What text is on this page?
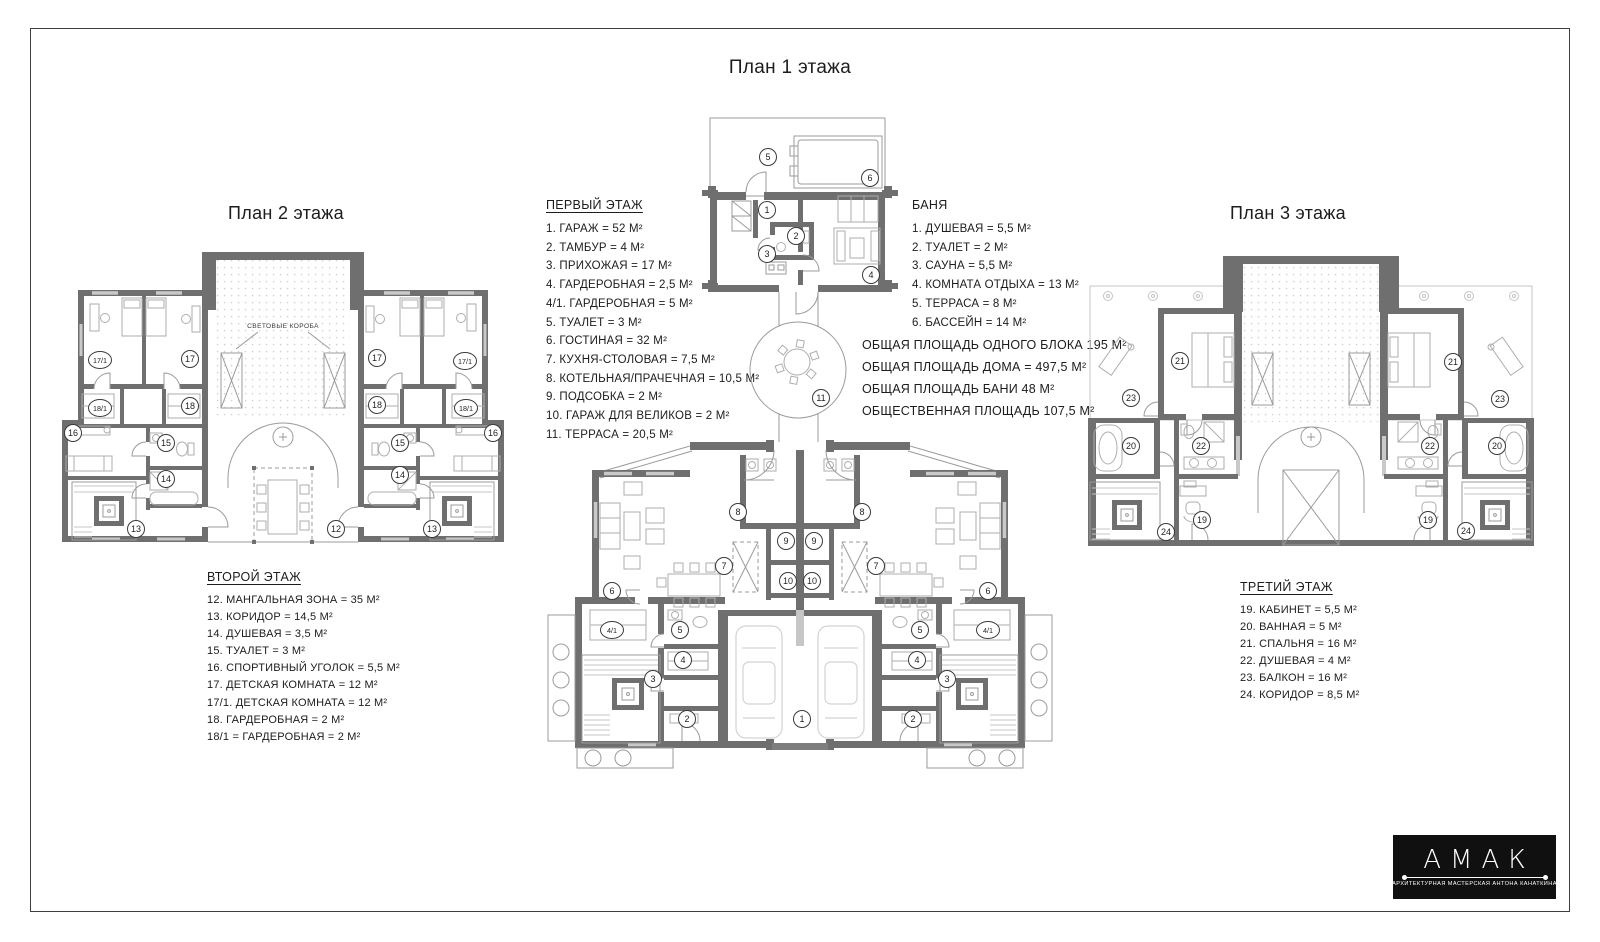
План 1 этажа
План 2 этажа	План 3 этажа
ПЕРВЫЙ ЭТАЖ
1. ГАРАЖ = 52 М²
2. ТАМБУР = 4 М²
3. ПРИХОЖАЯ = 17 М²
4. ГАРДЕРОБНАЯ = 2,5 М²
4/1. ГАРДЕРОБНАЯ = 5 М²
5. ТУАЛЕТ = 3 М²
6. ГОСТИНАЯ = 32 М²
7. КУХНЯ-СТОЛОВАЯ = 7,5 М²
8. КОТЕЛЬНАЯ/ПРАЧЕЧНАЯ = 10,5 М²
9. ПОДСОБКА = 2 М²
10. ГАРАЖ ДЛЯ ВЕЛИКОВ = 2 М²
11. ТЕРРАСА = 20,5 М²
БАНЯ
1. ДУШЕВАЯ = 5,5 М²
2. ТУАЛЕТ = 2 М²
3. САУНА = 5,5 М²
4. КОМНАТА ОТДЫХА = 13 М²
5. ТЕРРАСА = 8 М²
6. БАССЕЙН = 14 М²
ОБЩАЯ ПЛОЩАДЬ ОДНОГО БЛОКА 195 М²
ОБЩАЯ ПЛОЩАДЬ ДОМА = 497,5 М²
ОБЩАЯ ПЛОЩАДЬ БАНИ 48 М²
ОБЩЕСТВЕННАЯ ПЛОЩАДЬ 107,5 М²
ВТОРОЙ ЭТАЖ
12. МАНГАЛЬНАЯ ЗОНА = 35 М²
13. КОРИДОР = 14,5 М²
14. ДУШЕВАЯ = 3,5 М²
15. ТУАЛЕТ = 3 М²
16. СПОРТИВНЫЙ УГОЛОК = 5,5 М²
17. ДЕТСКАЯ КОМНАТА = 12 М²
17/1. ДЕТСКАЯ КОМНАТА = 12 М²
18. ГАРДЕРОБНАЯ = 2 М²
18/1 = ГАРДЕРОБНАЯ = 2 М²
ТРЕТИЙ ЭТАЖ
19. КАБИНЕТ = 5,5 М²
20. ВАННАЯ = 5 М²
21. СПАЛЬНЯ = 16 М²
22. ДУШЕВАЯ = 4 М²
23. БАЛКОН = 16 М²
24. КОРИДОР = 8,5 М²
5
6
1
2
3
4
11
8	8
9	9
7	7
10 10
6	6
4/1	4/1
5	5
4	4
3	3
2	2
1
СВЕТОВЫЕ КОРОБА
17/1	17	17	17/1
18/1	18	18	18/1
16	16
15	15
14	14
13	13
12
21	21
23	23
20	20
22	22
19	19
24	24
АМАК
АРХИТЕКТУРНАЯ МАСТЕРСКАЯ АНТОНА КАНАТКИНА
